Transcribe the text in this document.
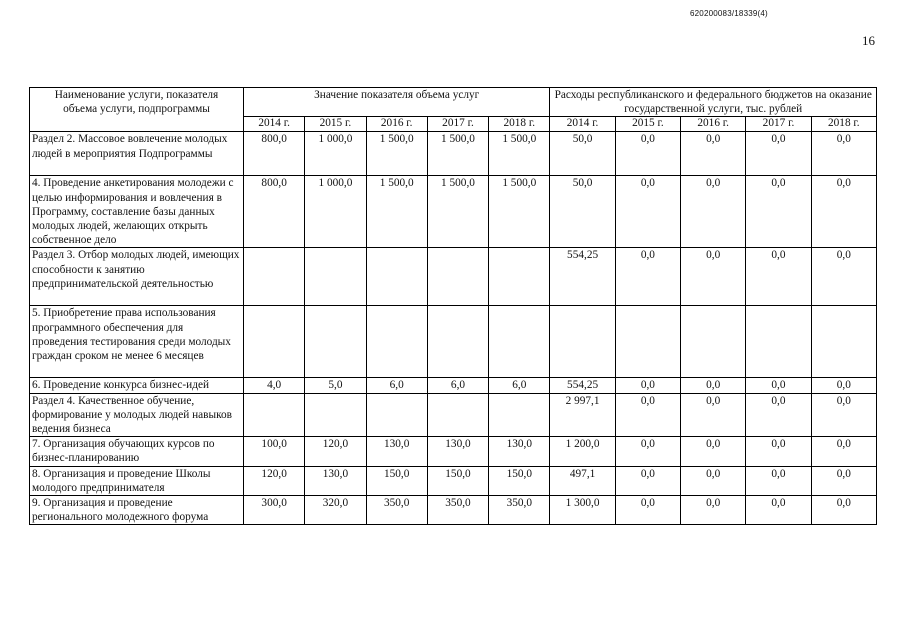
620200083/18339(4)
16
Наименование услуги, показателя объема услуги, подпрограммы	Значение показателя объема услуг					Расходы республиканского и федерального бюджетов на оказание государственной услуги, тыс. рублей				
	2014 г.	2015 г.	2016 г.	2017 г.	2018 г.	2014 г.	2015 г.	2016 г.	2017 г.	2018 г.
Раздел 2. Массовое вовлечение молодых людей в мероприятия Подпрограммы	800,0	1 000,0	1 500,0	1 500,0	1 500,0	50,0	0,0	0,0	0,0	0,0
4. Проведение анкетирования молодежи с целью информирования и вовлечения в Программу, составление базы данных молодых людей, желающих открыть собственное дело	800,0	1 000,0	1 500,0	1 500,0	1 500,0	50,0	0,0	0,0	0,0	0,0
Раздел 3. Отбор молодых людей, имеющих способности к занятию предпринимательской деятельностью						554,25	0,0	0,0	0,0	0,0
5. Приобретение права использования программного обеспечения для проведения тестирования среди молодых граждан сроком не менее 6 месяцев										
6. Проведение конкурса бизнес-идей	4,0	5,0	6,0	6,0	6,0	554,25	0,0	0,0	0,0	0,0
Раздел 4. Качественное обучение, формирование у молодых людей навыков ведения бизнеса						2 997,1	0,0	0,0	0,0	0,0
7. Организация обучающих курсов по бизнес-планированию	100,0	120,0	130,0	130,0	130,0	1 200,0	0,0	0,0	0,0	0,0
8. Организация и проведение Школы молодого предпринимателя	120,0	130,0	150,0	150,0	150,0	497,1	0,0	0,0	0,0	0,0
9. Организация и проведение регионального молодежного форума	300,0	320,0	350,0	350,0	350,0	1 300,0	0,0	0,0	0,0	0,0
